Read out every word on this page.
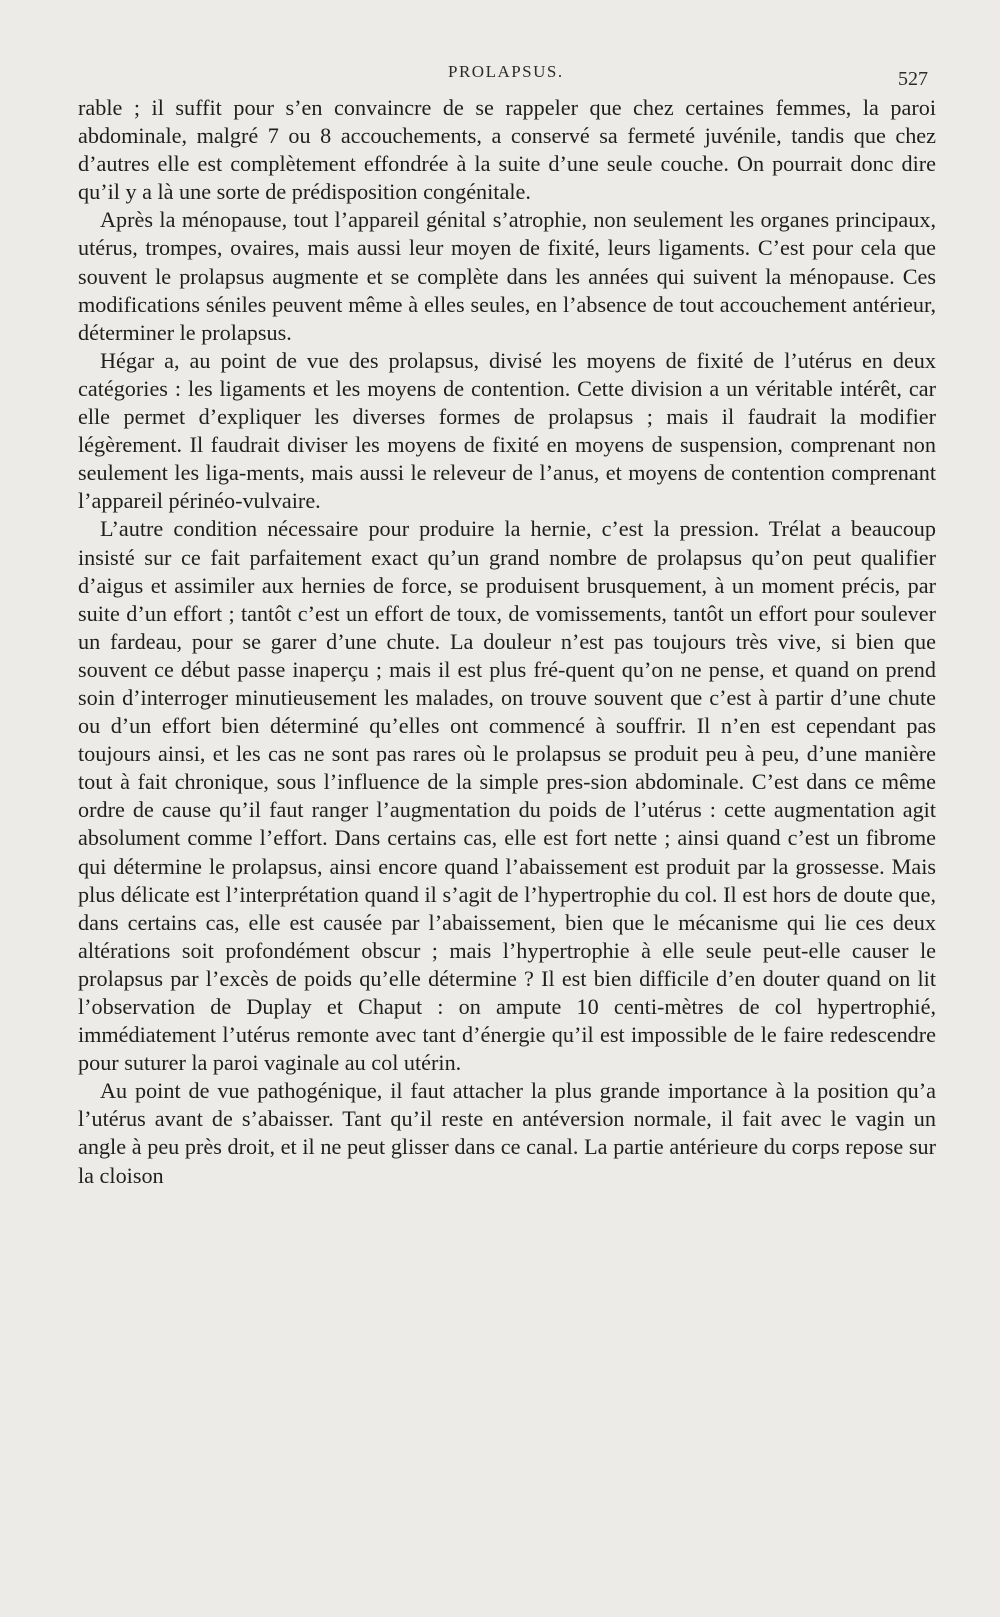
PROLAPSUS.	527

rable ; il suffit pour s’en convaincre de se rappeler que chez certaines femmes, la paroi abdominale, malgré 7 ou 8 accouchements, a conservé sa fermeté juvénile, tandis que chez d’autres elle est complètement effondrée à la suite d’une seule couche. On pourrait donc dire qu’il y a là une sorte de prédisposition congénitale.

Après la ménopause, tout l’appareil génital s’atrophie, non seulement les organes principaux, utérus, trompes, ovaires, mais aussi leur moyen de fixité, leurs ligaments. C’est pour cela que souvent le prolapsus augmente et se complète dans les années qui suivent la ménopause. Ces modifications séniles peuvent même à elles seules, en l’absence de tout accouchement antérieur, déterminer le prolapsus.

Hégar a, au point de vue des prolapsus, divisé les moyens de fixité de l’utérus en deux catégories : les ligaments et les moyens de contention. Cette division a un véritable intérêt, car elle permet d’expliquer les diverses formes de prolapsus ; mais il faudrait la modifier légèrement. Il faudrait diviser les moyens de fixité en moyens de suspension, comprenant non seulement les liga-ments, mais aussi le releveur de l’anus, et moyens de contention comprenant l’appareil périnéo-vulvaire.

L’autre condition nécessaire pour produire la hernie, c’est la pression. Trélat a beaucoup insisté sur ce fait parfaitement exact qu’un grand nombre de prolapsus qu’on peut qualifier d’aigus et assimiler aux hernies de force, se produisent brusquement, à un moment précis, par suite d’un effort ; tantôt c’est un effort de toux, de vomissements, tantôt un effort pour soulever un fardeau, pour se garer d’une chute. La douleur n’est pas toujours très vive, si bien que souvent ce début passe inaperçu ; mais il est plus fré-quent qu’on ne pense, et quand on prend soin d’interroger minutieusement les malades, on trouve souvent que c’est à partir d’une chute ou d’un effort bien déterminé qu’elles ont commencé à souffrir. Il n’en est cependant pas toujours ainsi, et les cas ne sont pas rares où le prolapsus se produit peu à peu, d’une manière tout à fait chronique, sous l’influence de la simple pres-sion abdominale. C’est dans ce même ordre de cause qu’il faut ranger l’augmentation du poids de l’utérus : cette augmentation agit absolument comme l’effort. Dans certains cas, elle est fort nette ; ainsi quand c’est un fibrome qui détermine le prolapsus, ainsi encore quand l’abaissement est produit par la grossesse. Mais plus délicate est l’interprétation quand il s’agit de l’hypertrophie du col. Il est hors de doute que, dans certains cas, elle est causée par l’abaissement, bien que le mécanisme qui lie ces deux altérations soit profondément obscur ; mais l’hypertrophie à elle seule peut-elle causer le prolapsus par l’excès de poids qu’elle détermine ? Il est bien difficile d’en douter quand on lit l’observation de Duplay et Chaput : on ampute 10 centi-mètres de col hypertrophié, immédiatement l’utérus remonte avec tant d’énergie qu’il est impossible de le faire redescendre pour suturer la paroi vaginale au col utérin.

Au point de vue pathogénique, il faut attacher la plus grande importance à la position qu’a l’utérus avant de s’abaisser. Tant qu’il reste en antéversion normale, il fait avec le vagin un angle à peu près droit, et il ne peut glisser dans ce canal. La partie antérieure du corps repose sur la cloison
